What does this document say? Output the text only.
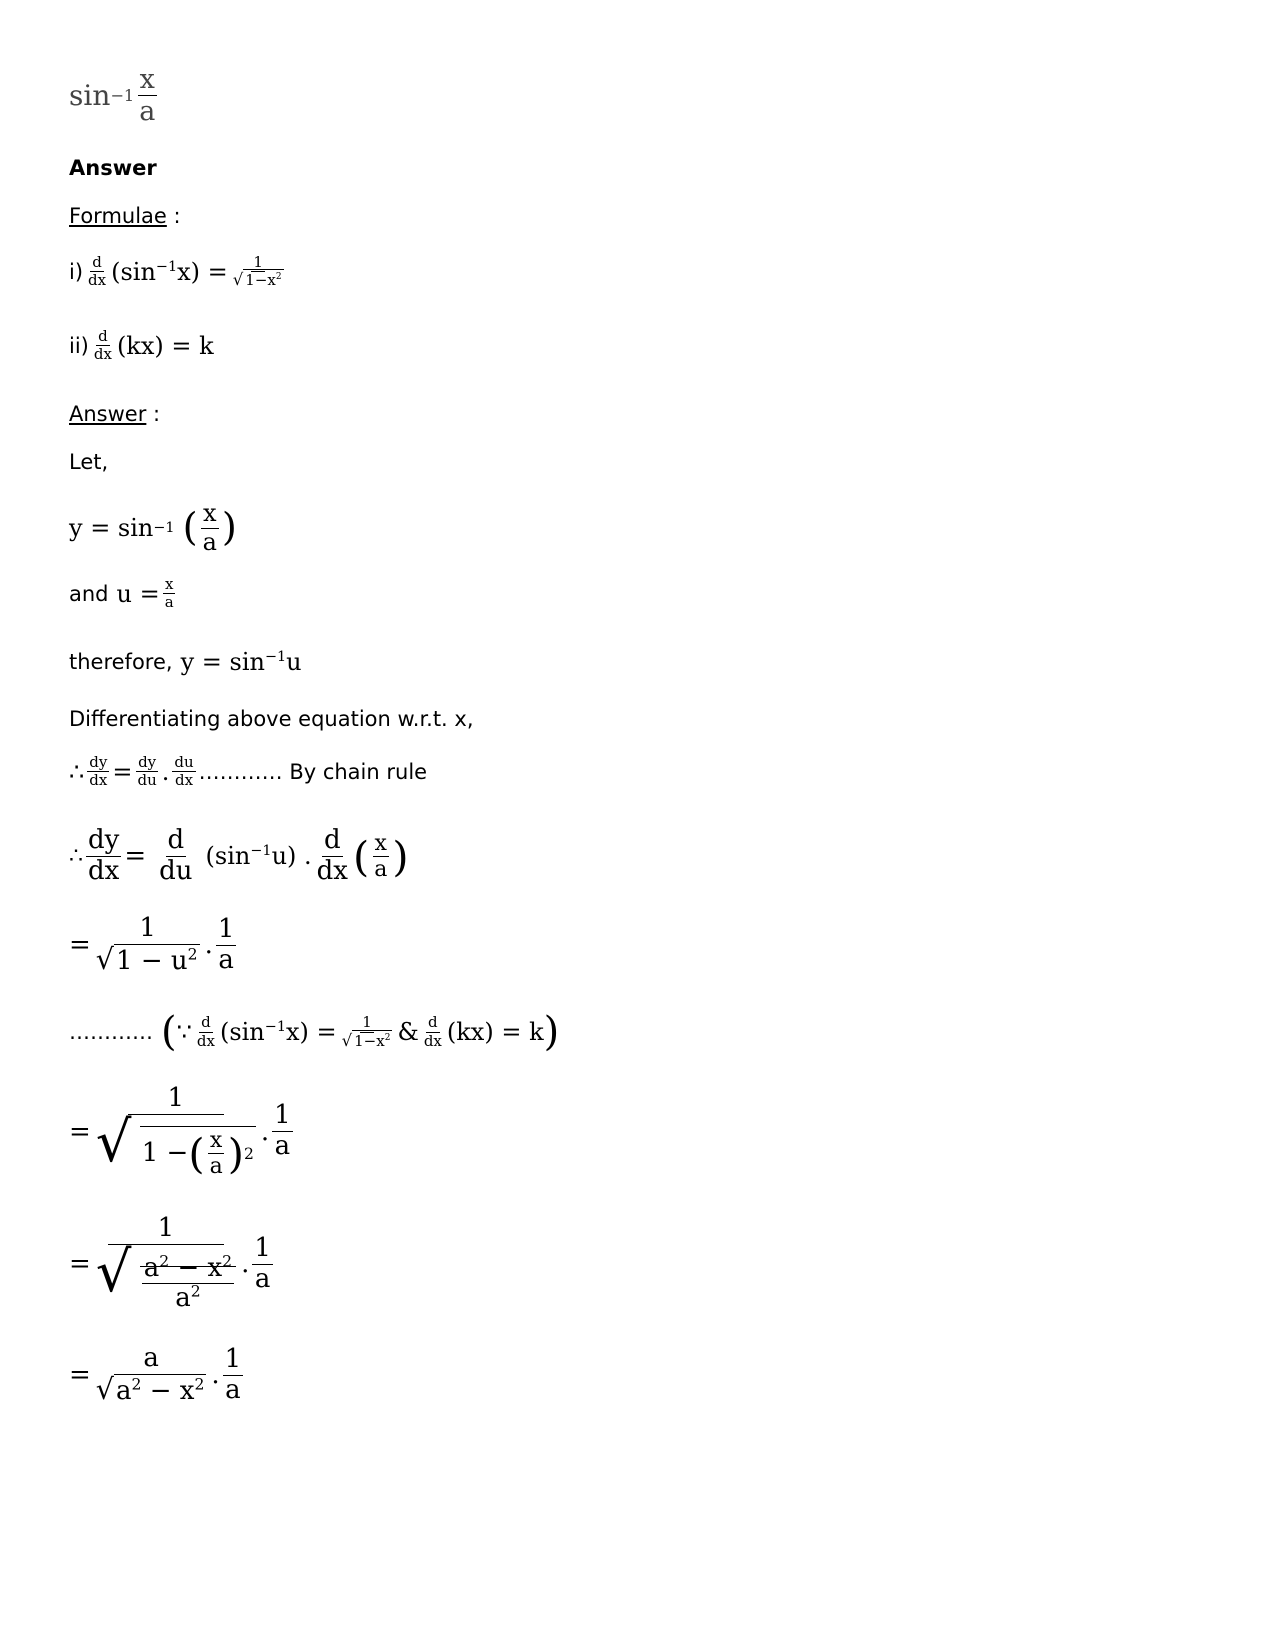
$\sin -1 \frac{x}{a}$
Answer
Formulae :
$i) \frac{d}{dx} (\sin^{-1}x) = \frac{1}{√ 1-x^2}$
$ii) \frac{d}{dx} (kx) = k$
Answer :
Let,
y = sin −1 ( $\frac{x}{a}$ )
and $u = \frac{x}{a}$
therefore, $y = \sin^{-1}u$
Differentiating above equation w.r.t. x,
∴ $\frac{dy}{dx} = \frac{dy}{du}$ . $\frac{du}{dx}$ ………… By chain rule
∴ $\frac{dy}{dx} = \frac{d}{du} (\sin^{-1}u)$ . $\frac{d}{dx}$ ( $\frac{x}{a}$ )
= $\frac{1}{√1 - u^2}$ . $\frac{1}{a}$
………… ( ∵ $\frac{d}{dx} (\sin^{-1}x) = \frac{1}{√ 1-x^2}$ & $\frac{d}{dx} (kx) = k$ )
=
1
√ 1 − ( $\frac{x}{a}$ ) 2
. $\frac{1}{a}$
= $\frac{1}{√ \frac{a^2 - x^2}{a^2}}$ . $\frac{1}{a}$
= $\frac{a}{√a^2 - x^2}$ . $\frac{1}{a}$
